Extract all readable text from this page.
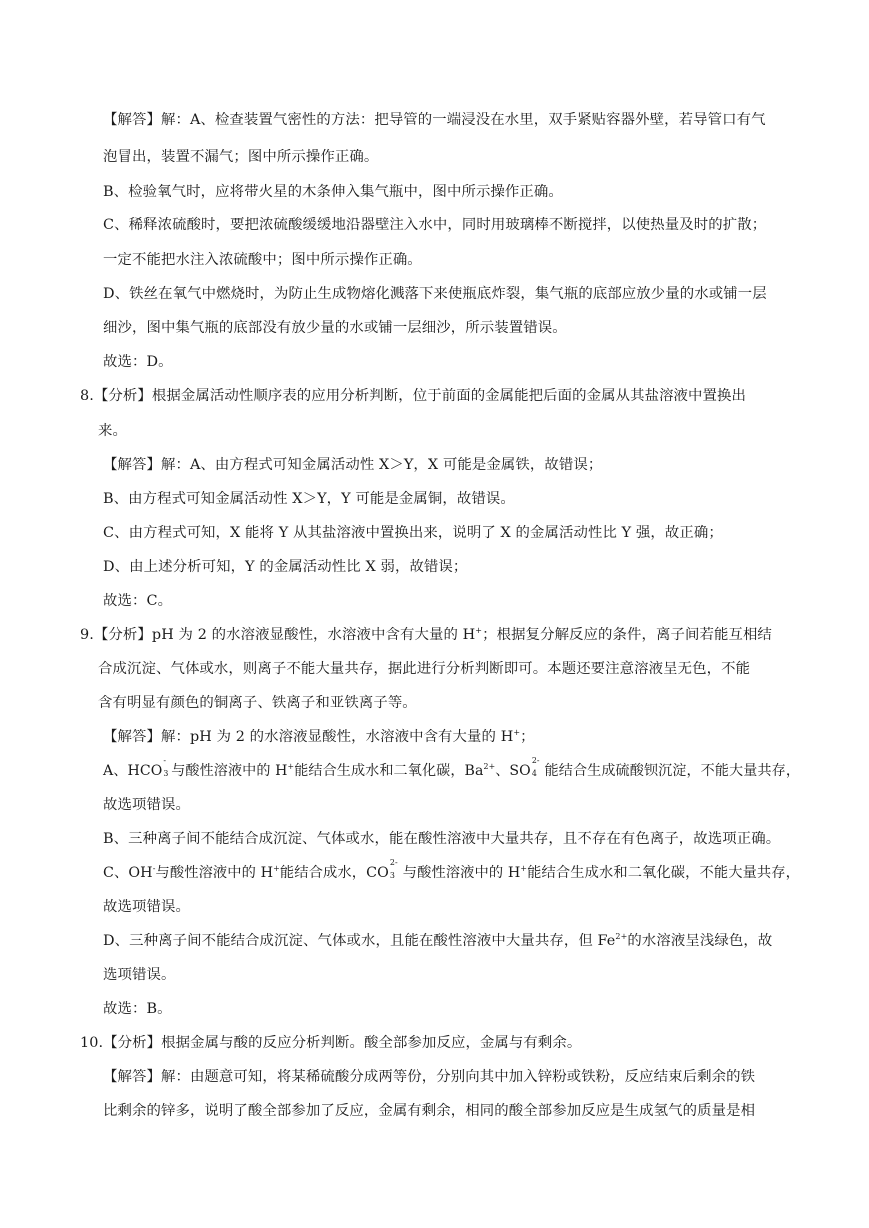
【解答】解：A、检查装置气密性的方法：把导管的一端浸没在水里，双手紧贴容器外壁，若导管口有气
泡冒出，装置不漏气；图中所示操作正确。
B、检验氧气时，应将带火星的木条伸入集气瓶中，图中所示操作正确。
C、稀释浓硫酸时，要把浓硫酸缓缓地沿器壁注入水中，同时用玻璃棒不断搅拌，以使热量及时的扩散；
一定不能把水注入浓硫酸中；图中所示操作正确。
D、铁丝在氧气中燃烧时，为防止生成物熔化溅落下来使瓶底炸裂，集气瓶的底部应放少量的水或铺一层
细沙，图中集气瓶的底部没有放少量的水或铺一层细沙，所示装置错误。
故选：D。
8.【分析】根据金属活动性顺序表的应用分析判断，位于前面的金属能把后面的金属从其盐溶液中置换出
来。
【解答】解：A、由方程式可知金属活动性 X＞Y，X 可能是金属铁，故错误；
B、由方程式可知金属活动性 X＞Y，Y 可能是金属铜，故错误。
C、由方程式可知，X 能将 Y 从其盐溶液中置换出来，说明了 X 的金属活动性比 Y 强，故正确；
D、由上述分析可知，Y 的金属活动性比 X 弱，故错误；
故选：C。
9.【分析】pH 为 2 的水溶液显酸性，水溶液中含有大量的 H+；根据复分解反应的条件，离子间若能互相结
合成沉淀、气体或水，则离子不能大量共存，据此进行分析判断即可。本题还要注意溶液呈无色，不能
含有明显有颜色的铜离子、铁离子和亚铁离子等。
【解答】解：pH 为 2 的水溶液显酸性，水溶液中含有大量的 H+；
A、HCO
-
3 与酸性溶液中的 H+能结合生成水和二氧化碳，$Ba^{2+}$、SO
2-
4 能结合生成硫酸钡沉淀，不能大量共存，
故选项错误。
B、三种离子间不能结合成沉淀、气体或水，能在酸性溶液中大量共存，且不存在有色离子，故选项正确。
C、OH-与酸性溶液中的 H+能结合成水，CO
2-
3 与酸性溶液中的 H+能结合生成水和二氧化碳，不能大量共存，
故选项错误。
D、三种离子间不能结合成沉淀、气体或水，且能在酸性溶液中大量共存，但 $Fe^{2+}$的水溶液呈浅绿色，故
选项错误。
故选：B。
10.【分析】根据金属与酸的反应分析判断。酸全部参加反应，金属与有剩余。
【解答】解：由题意可知，将某稀硫酸分成两等份，分别向其中加入锌粉或铁粉，反应结束后剩余的铁
比剩余的锌多，说明了酸全部参加了反应，金属有剩余，相同的酸全部参加反应是生成氢气的质量是相
